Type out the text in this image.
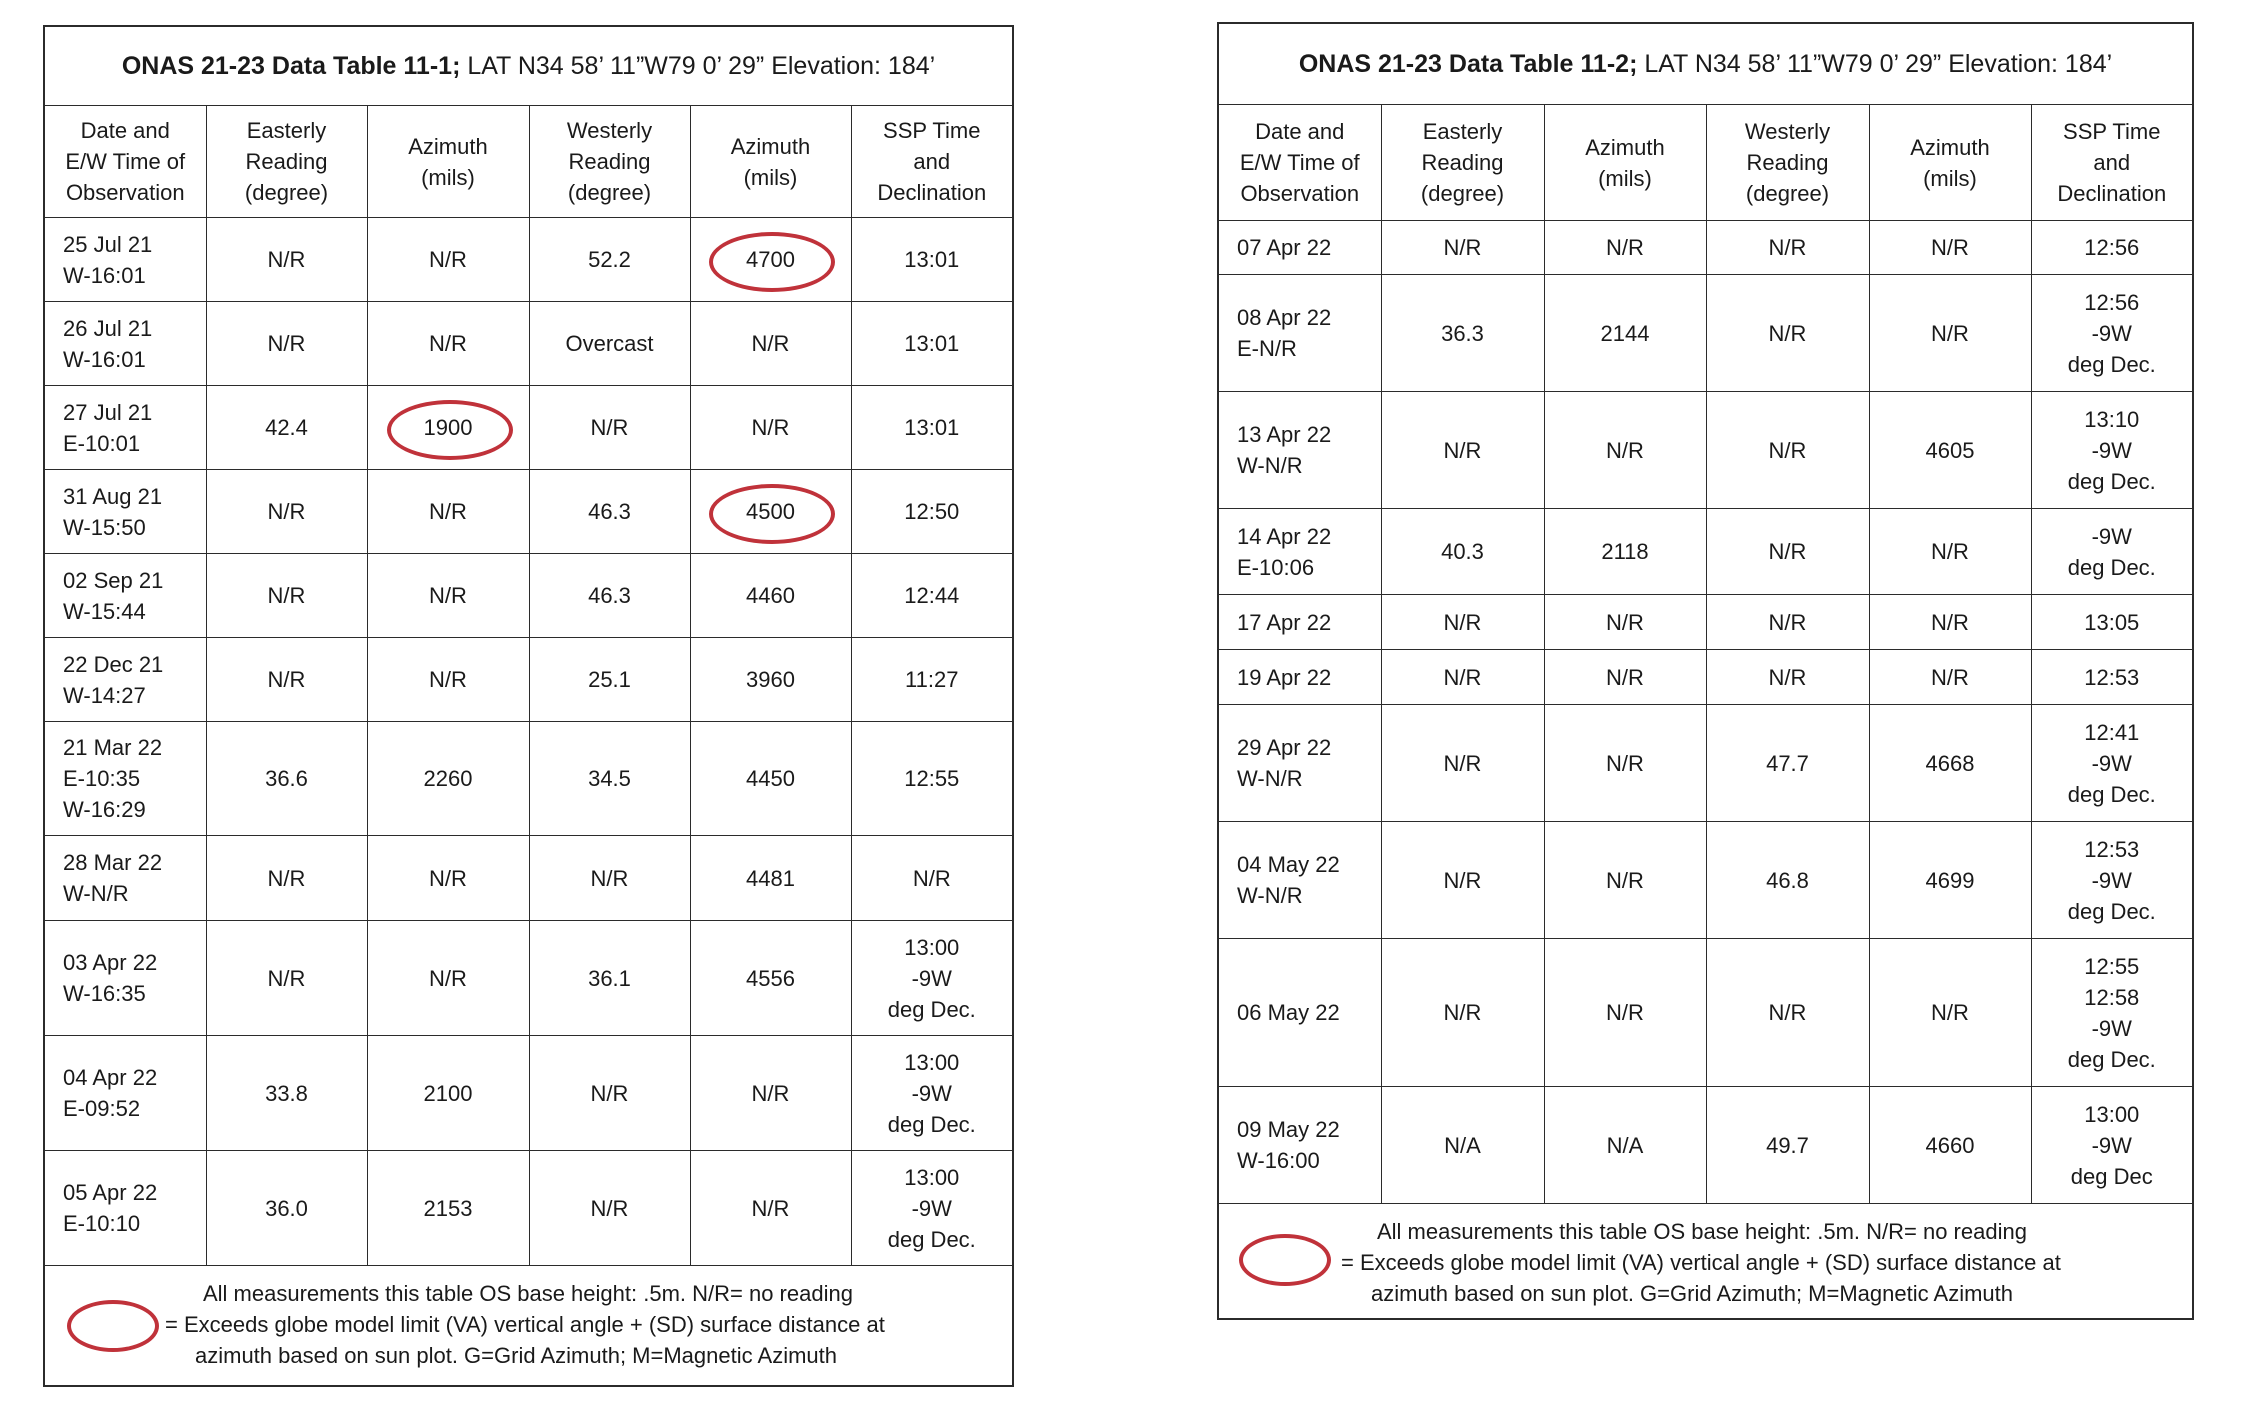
ONAS 21-23 Data Table 11-1; LAT N34 58’ 11”W79 0’ 29” Elevation: 184’					
Date and
E/W Time of
Observation	Easterly
Reading
(degree)	Azimuth
(mils)	Westerly
Reading
(degree)	Azimuth
(mils)	SSP Time
and
Declination
25 Jul 21
W-16:01	N/R	N/R	52.2	4700	13:01
26 Jul 21
W-16:01	N/R	N/R	Overcast	N/R	13:01
27 Jul 21
E-10:01	42.4	1900	N/R	N/R	13:01
31 Aug 21
W-15:50	N/R	N/R	46.3	4500	12:50
02 Sep 21
W-15:44	N/R	N/R	46.3	4460	12:44
22 Dec 21
W-14:27	N/R	N/R	25.1	3960	11:27
21 Mar 22
E-10:35
W-16:29	36.6	2260	34.5	4450	12:55
28 Mar 22
W-N/R	N/R	N/R	N/R	4481	N/R
03 Apr 22
W-16:35	N/R	N/R	36.1	4556	13:00
-9W
deg Dec.
04 Apr 22
E-09:52	33.8	2100	N/R	N/R	13:00
-9W
deg Dec.
05 Apr 22
E-10:10	36.0	2153	N/R	N/R	13:00
-9W
deg Dec.

All measurements this table OS base height: .5m. N/R= no reading

= Exceeds globe model limit (VA) vertical angle + (SD) surface distance at

azimuth based on sun plot. G=Grid Azimuth; M=Magnetic Azimuth					

ONAS 21-23 Data Table 11-2; LAT N34 58’ 11”W79 0’ 29” Elevation: 184’					
Date and
E/W Time of
Observation	Easterly
Reading
(degree)	Azimuth
(mils)	Westerly
Reading
(degree)	Azimuth
(mils)	SSP Time
and
Declination
07 Apr 22	N/R	N/R	N/R	N/R	12:56
08 Apr 22
E-N/R	36.3	2144	N/R	N/R	12:56
-9W
deg Dec.
13 Apr 22
W-N/R	N/R	N/R	N/R	4605	13:10
-9W
deg Dec.
14 Apr 22
E-10:06	40.3	2118	N/R	N/R	-9W
deg Dec.
17 Apr 22	N/R	N/R	N/R	N/R	13:05
19 Apr 22	N/R	N/R	N/R	N/R	12:53
29 Apr 22
W-N/R	N/R	N/R	47.7	4668	12:41
-9W
deg Dec.
04 May 22
W-N/R	N/R	N/R	46.8	4699	12:53
-9W
deg Dec.
06 May 22	N/R	N/R	N/R	N/R	12:55
12:58
-9W
deg Dec.
09 May 22
W-16:00	N/A	N/A	49.7	4660	13:00
-9W
deg Dec

All measurements this table OS base height: .5m. N/R= no reading

= Exceeds globe model limit (VA) vertical angle + (SD) surface distance at

azimuth based on sun plot. G=Grid Azimuth; M=Magnetic Azimuth					
